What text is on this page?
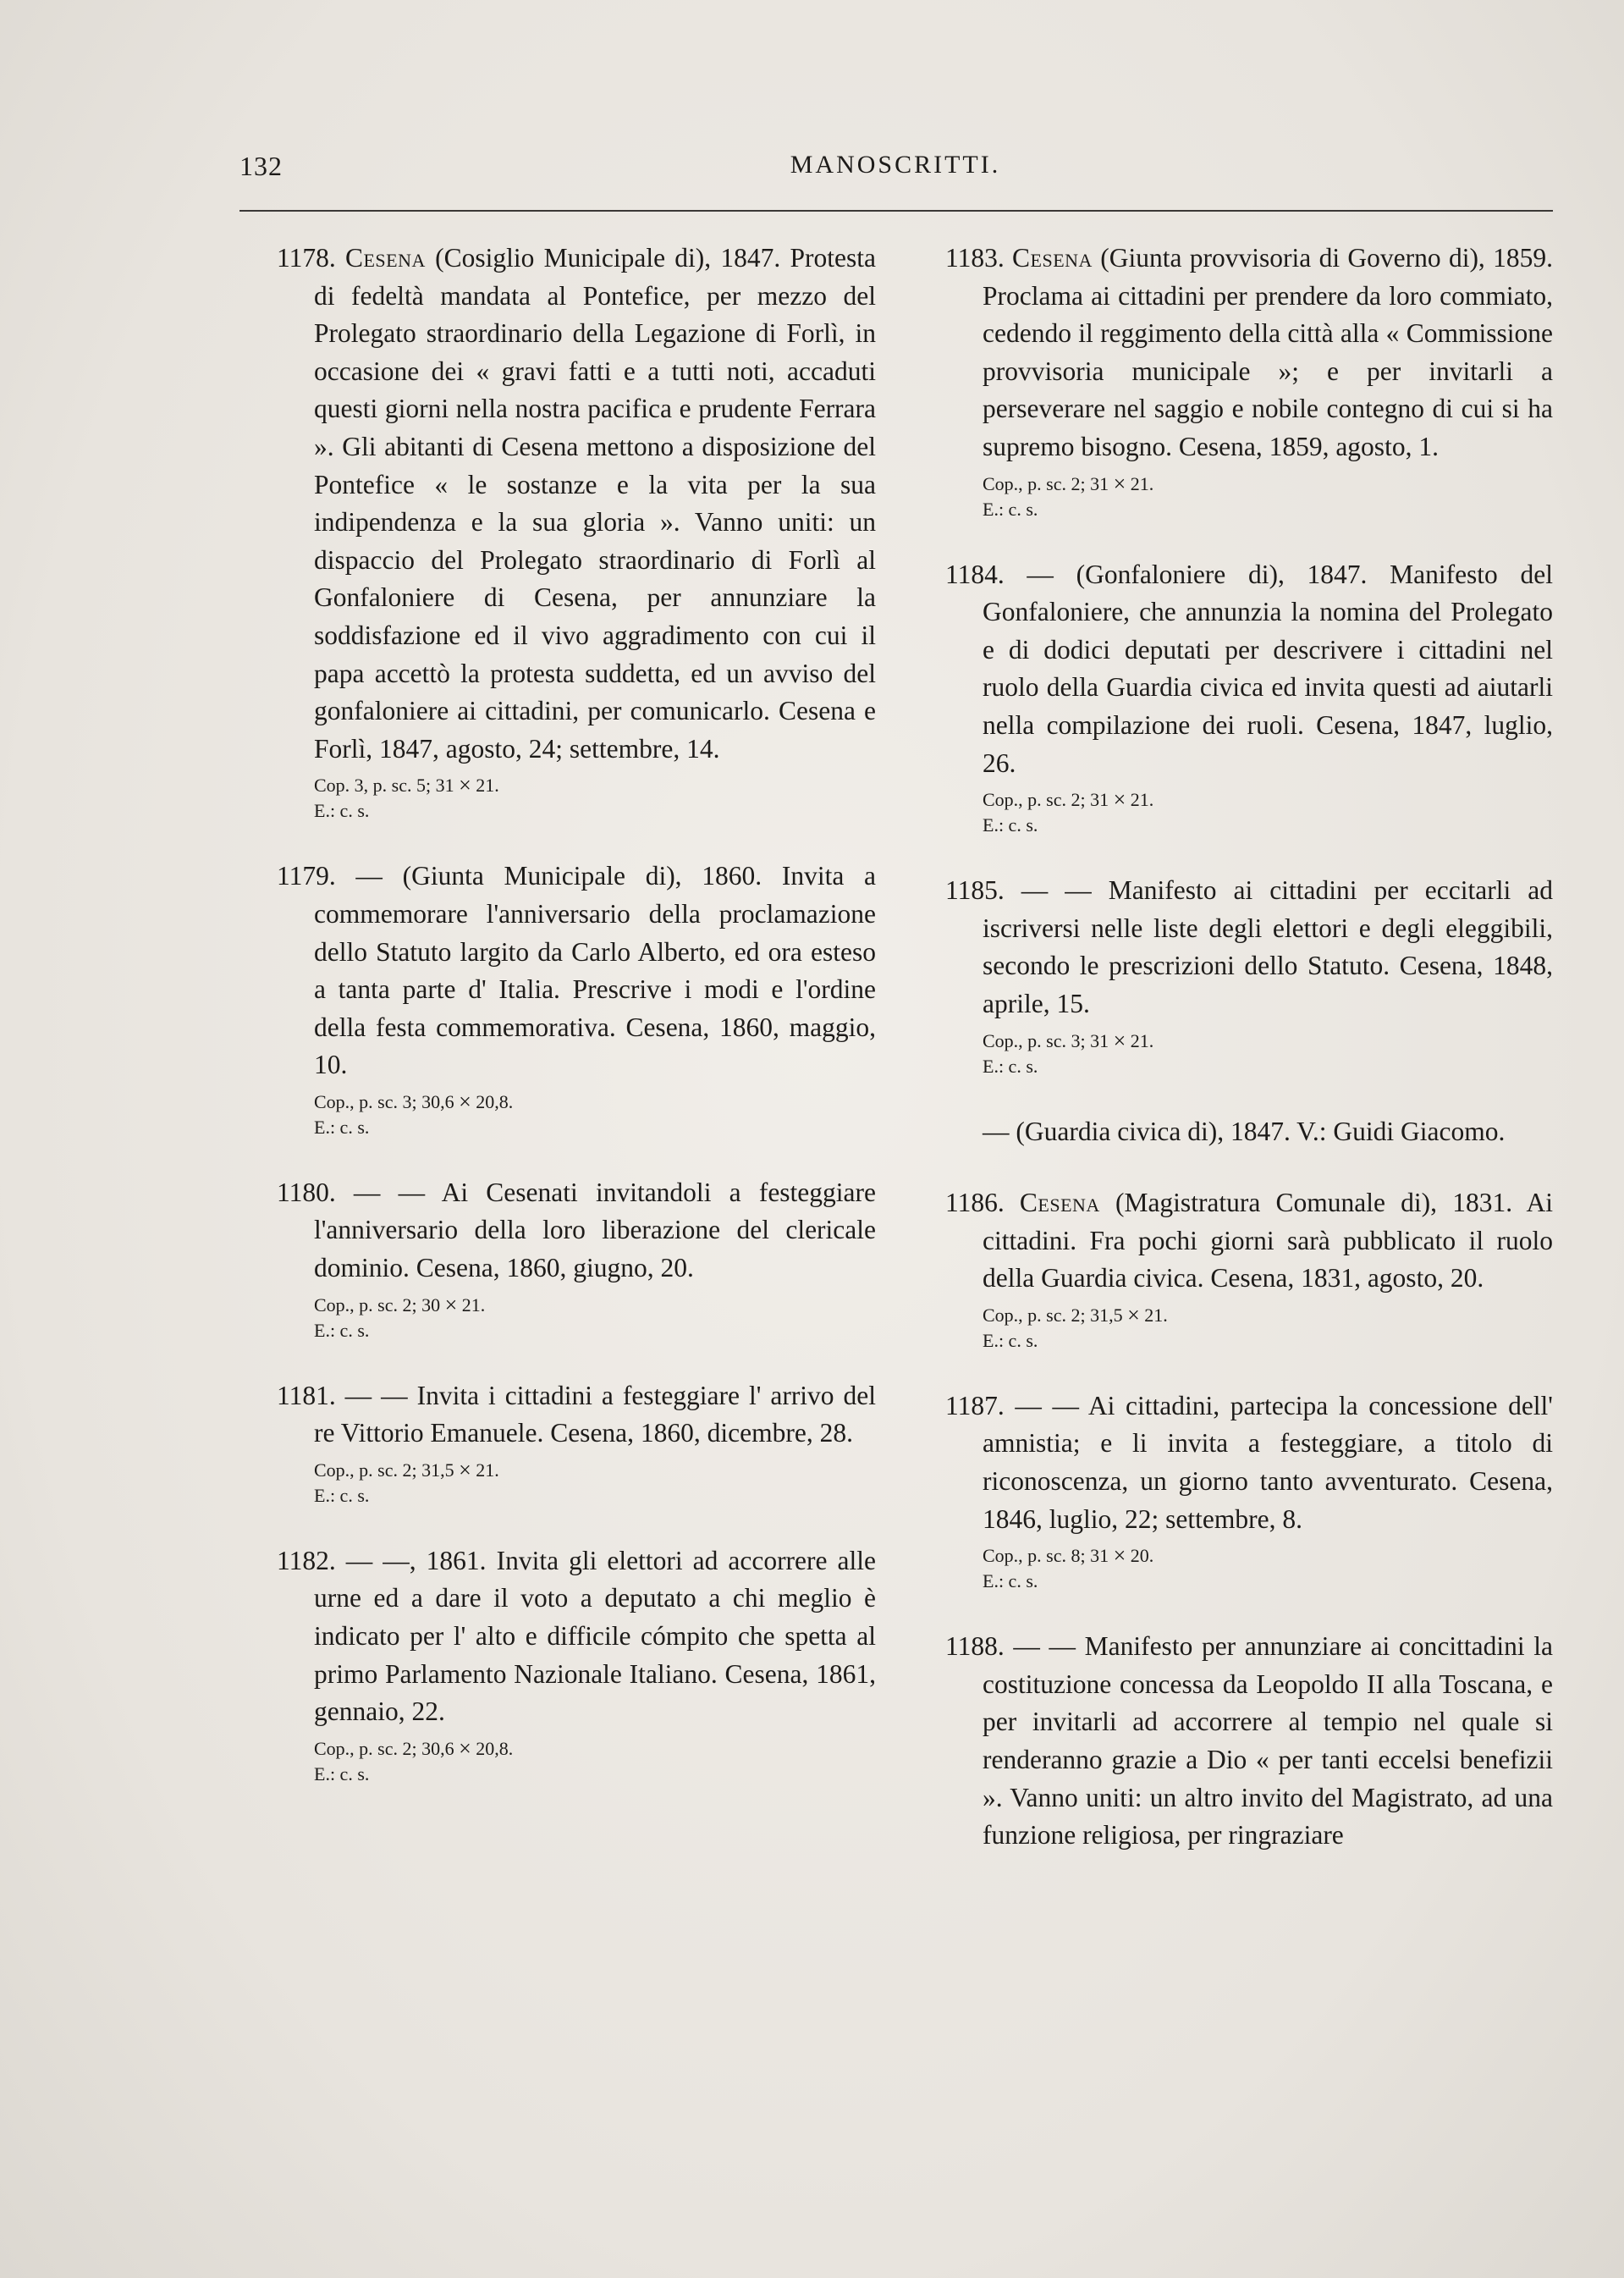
132	MANOSCRITTI.
1178. Cesena (Cosiglio Municipale di), 1847. Protesta di fedeltà mandata al Pontefice, per mezzo del Prolegato straordinario della Legazione di Forlì, in occasione dei « gravi fatti e a tutti noti, accaduti questi giorni nella nostra pacifica e prudente Ferrara ». Gli abitanti di Cesena mettono a disposizione del Pontefice « le sostanze e la vita per la sua indipendenza e la sua gloria ». Vanno uniti: un dispaccio del Prolegato straordinario di Forlì al Gonfaloniere di Cesena, per annunziare la soddisfazione ed il vivo aggradimento con cui il papa accettò la protesta suddetta, ed un avviso del gonfaloniere ai cittadini, per comunicarlo. Cesena e Forlì, 1847, agosto, 24; settembre, 14.
Cop. 3, p. sc. 5; 31 × 21.
E.: c. s.
1179. — (Giunta Municipale di), 1860. Invita a commemorare l'anniversario della proclamazione dello Statuto largito da Carlo Alberto, ed ora esteso a tanta parte d' Italia. Prescrive i modi e l'ordine della festa commemorativa. Cesena, 1860, maggio, 10.
Cop., p. sc. 3; 30,6 × 20,8.
E.: c. s.
1180. — — Ai Cesenati invitandoli a festeggiare l'anniversario della loro liberazione del clericale dominio. Cesena, 1860, giugno, 20.
Cop., p. sc. 2; 30 × 21.
E.: c. s.
1181. — — Invita i cittadini a festeggiare l' arrivo del re Vittorio Emanuele. Cesena, 1860, dicembre, 28.
Cop., p. sc. 2; 31,5 × 21.
E.: c. s.
1182. — —, 1861. Invita gli elettori ad accorrere alle urne ed a dare il voto a deputato a chi meglio è indicato per l' alto e difficile cómpito che spetta al primo Parlamento Nazionale Italiano. Cesena, 1861, gennaio, 22.
Cop., p. sc. 2; 30,6 × 20,8.
E.: c. s.
1183. Cesena (Giunta provvisoria di Governo di), 1859. Proclama ai cittadini per prendere da loro commiato, cedendo il reggimento della città alla « Commissione provvisoria municipale »; e per invitarli a perseverare nel saggio e nobile contegno di cui si ha supremo bisogno. Cesena, 1859, agosto, 1.
Cop., p. sc. 2; 31 × 21.
E.: c. s.
1184. — (Gonfaloniere di), 1847. Manifesto del Gonfaloniere, che annunzia la nomina del Prolegato e di dodici deputati per descrivere i cittadini nel ruolo della Guardia civica ed invita questi ad aiutarli nella compilazione dei ruoli. Cesena, 1847, luglio, 26.
Cop., p. sc. 2; 31 × 21.
E.: c. s.
1185. — — Manifesto ai cittadini per eccitarli ad iscriversi nelle liste degli elettori e degli eleggibili, secondo le prescrizioni dello Statuto. Cesena, 1848, aprile, 15.
Cop., p. sc. 3; 31 × 21.
E.: c. s.
— (Guardia civica di), 1847. V.: Guidi Giacomo.
1186. Cesena (Magistratura Comunale di), 1831. Ai cittadini. Fra pochi giorni sarà pubblicato il ruolo della Guardia civica. Cesena, 1831, agosto, 20.
Cop., p. sc. 2; 31,5 × 21.
E.: c. s.
1187. — — Ai cittadini, partecipa la concessione dell' amnistia; e li invita a festeggiare, a titolo di riconoscenza, un giorno tanto avventurato. Cesena, 1846, luglio, 22; settembre, 8.
Cop., p. sc. 8; 31 × 20.
E.: c. s.
1188. — — Manifesto per annunziare ai concittadini la costituzione concessa da Leopoldo II alla Toscana, e per invitarli ad accorrere al tempio nel quale si renderanno grazie a Dio « per tanti eccelsi benefizii ». Vanno uniti: un altro invito del Magistrato, ad una funzione religiosa, per ringraziare
